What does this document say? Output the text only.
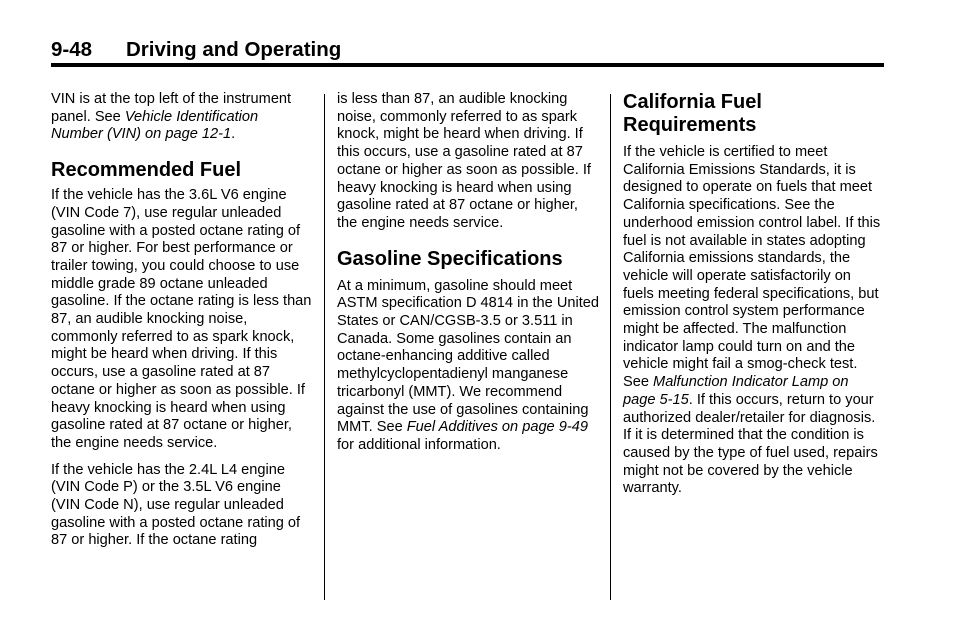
9-48 Driving and Operating

VIN is at the top left of the instrument panel. See Vehicle Identification Number (VIN) on page 12-1.

Recommended Fuel

If the vehicle has the 3.6L V6 engine (VIN Code 7), use regular unleaded gasoline with a posted octane rating of 87 or higher. For best performance or trailer towing, you could choose to use middle grade 89 octane unleaded gasoline. If the octane rating is less than 87, an audible knocking noise, commonly referred to as spark knock, might be heard when driving. If this occurs, use a gasoline rated at 87 octane or higher as soon as possible. If heavy knocking is heard when using gasoline rated at 87 octane or higher, the engine needs service.

If the vehicle has the 2.4L L4 engine (VIN Code P) or the 3.5L V6 engine (VIN Code N), use regular unleaded gasoline with a posted octane rating of 87 or higher. If the octane rating

is less than 87, an audible knocking noise, commonly referred to as spark knock, might be heard when driving. If this occurs, use a gasoline rated at 87 octane or higher as soon as possible. If heavy knocking is heard when using gasoline rated at 87 octane or higher, the engine needs service.

Gasoline Specifications

At a minimum, gasoline should meet ASTM specification D 4814 in the United States or CAN/CGSB-3.5 or 3.511 in Canada. Some gasolines contain an octane-enhancing additive called methylcyclopentadienyl manganese tricarbonyl (MMT). We recommend against the use of gasolines containing MMT. See Fuel Additives on page 9-49 for additional information.

California Fuel Requirements

If the vehicle is certified to meet California Emissions Standards, it is designed to operate on fuels that meet California specifications. See the underhood emission control label. If this fuel is not available in states adopting California emissions standards, the vehicle will operate satisfactorily on fuels meeting federal specifications, but emission control system performance might be affected. The malfunction indicator lamp could turn on and the vehicle might fail a smog-check test. See Malfunction Indicator Lamp on page 5-15. If this occurs, return to your authorized dealer/retailer for diagnosis. If it is determined that the condition is caused by the type of fuel used, repairs might not be covered by the vehicle warranty.
